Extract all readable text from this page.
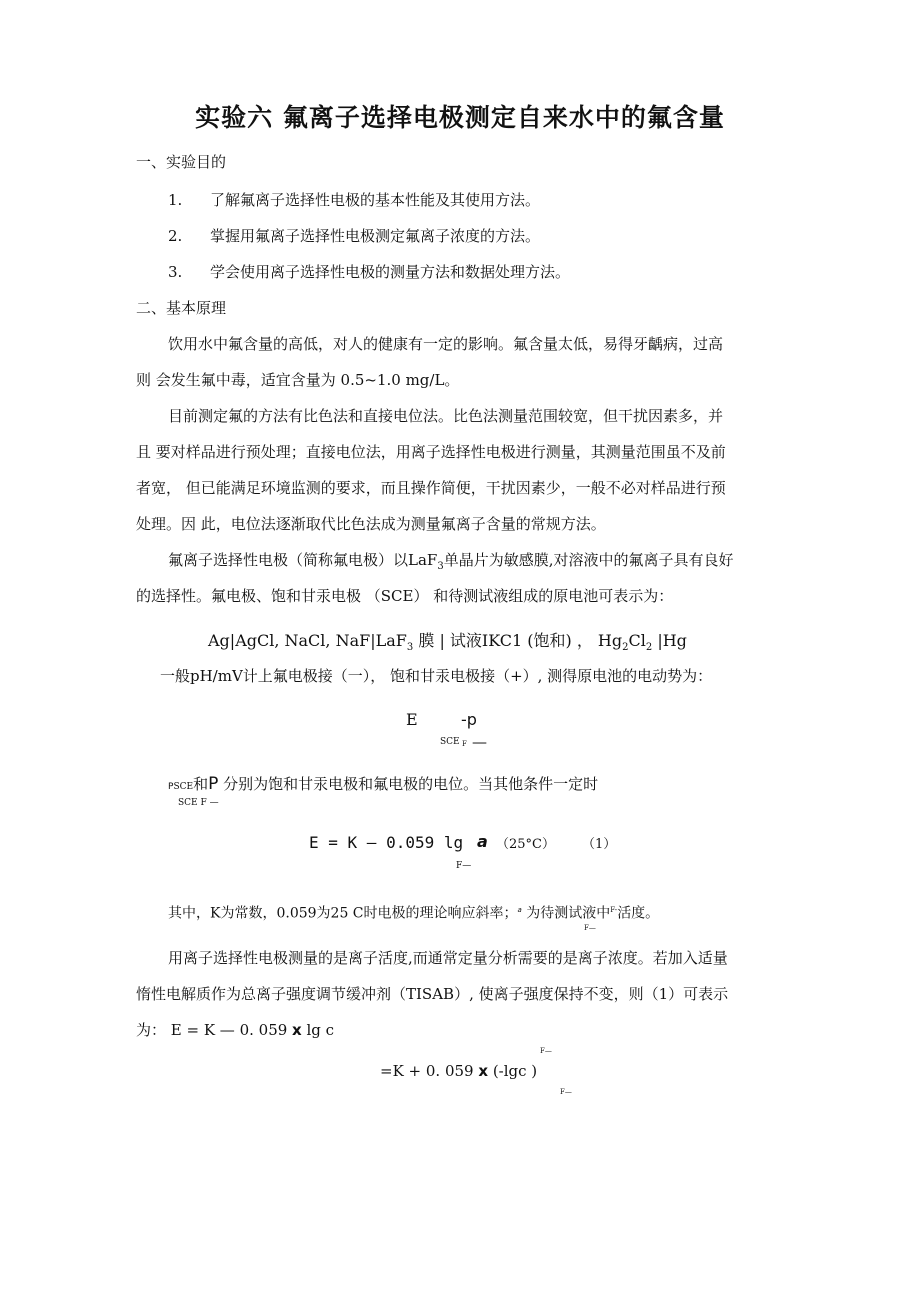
实验六 氟离子选择电极测定自来水中的氟含量
一、实验目的
1. 了解氟离子选择性电极的基本性能及其使用方法。
2. 掌握用氟离子选择性电极测定氟离子浓度的方法。
3. 学会使用离子选择性电极的测量方法和数据处理方法。
二、基本原理
饮用水中氟含量的高低，对人的健康有一定的影响。氟含量太低，易得牙齲病，过高
则 会发生氟中毒，适宜含量为 0.5~1.0 mg/L。
目前测定氟的方法有比色法和直接电位法。比色法测量范围较宽，但干扰因素多，并
且 要对样品进行预处理；直接电位法，用离子选择性电极进行测量，其测量范围虽不及前
者宽， 但已能满足环境监测的要求，而且操作简便，干扰因素少，一般不必对样品进行预
处理。因 此，电位法逐渐取代比色法成为测量氟离子含量的常规方法。
氟离子选择性电极（简称氟电极）以LaF$_3$单晶片为敏感膜,对溶液中的氟离子具有良好
的选择性。氟电极、饱和甘汞电极 （SCE） 和待测试液组成的原电池可表示为：
Ag|AgCl, NaCl, NaF|LaF$_3$ 膜 | 试液IKC1 (饱和) ， $Hg_2Cl_2$ |Hg
一般pH/mV计上氟电极接（一）， 饱和甘汞电极接（+）, 测得原电池的电动势为：
E	-p
SCE F —
PSCE和P 分别为饱和甘汞电极和氟电极的电位。当其他条件一定时
SCE F —
E = K — 0.059 lg a （25°C） （1）
F—
其中，K为常数，0.059为25 C时电极的理论响应斜率；$^a$ 为待测试液中$^{F-}$活度。
F—
用离子选择性电极测量的是离子活度,而通常定量分析需要的是离子浓度。若加入适量
惰性电解质作为总离子强度调节缓冲剂（TISAB）, 使离子强度保持不变，则（1）可表示
为： E = K — 0. 059 x lg c
F—
=K + 0. 059 x (-lgc )
F—
